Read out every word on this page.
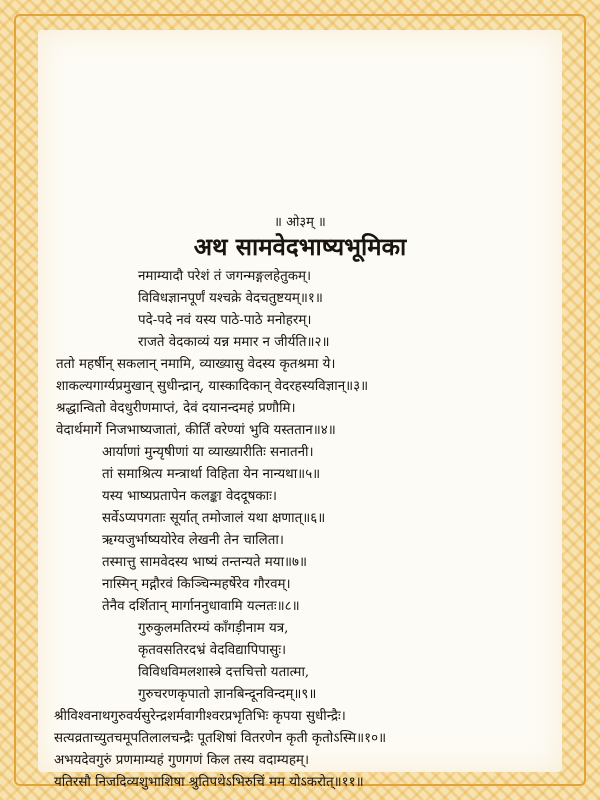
॥ ओ३म् ॥
अथ सामवेदभाष्यभूमिका
नमाम्यादौ परेशं तं जगन्मङ्गलहेतुकम्।
विविधज्ञानपूर्णं यश्चक्रे वेदचतुष्टयम्॥१॥
पदे-पदे नवं यस्य पाठे-पाठे मनोहरम्।
राजते वेदकाव्यं यन्न ममार न जीर्यति॥२॥
ततो महर्षीन् सकलान् नमामि, व्याख्यासु वेदस्य कृतश्रमा ये।
शाकल्यगार्ग्यप्रमुखान् सुधीन्द्रान्, यास्कादिकान् वेदरहस्यविज्ञान्॥३॥
श्रद्धान्वितो वेदधुरीणमाप्तं, देवं दयानन्दमहं प्रणौमि।
वेदार्थमार्गे निजभाष्यजातां, कीर्तिं वरेण्यां भुवि यस्ततान॥४॥
आर्याणां मुन्यृषीणां या व्याख्यारीतिः सनातनी।
तां समाश्रित्य मन्त्रार्था विहिता येन नान्यथा॥५॥
यस्य भाष्यप्रतापेन कलङ्का वेददूषकाः।
सर्वेऽप्यपगताः सूर्यात् तमोजालं यथा क्षणात्॥६॥
ऋग्यजुर्भाष्ययोरेव लेखनी तेन चालिता।
तस्मात्तु सामवेदस्य भाष्यं तन्तन्यते मया॥७॥
नास्मिन् मद्गौरवं किञ्चिन्महर्षेरेव गौरवम्।
तेनैव दर्शितान् मार्गाननुधावामि यत्नतः॥८॥
गुरुकुलमतिरम्यं काँगड़ीनाम यत्र,
कृतवसतिरदभ्रं वेदविद्यापिपासुः।
विविधविमलशास्त्रे दत्तचित्तो यतात्मा,
गुरुचरणकृपातो ज्ञानबिन्दूनविन्दम्॥९॥
श्रीविश्वनाथगुरुवर्यसुरेन्द्रशर्मवागीश्वरप्रभृतिभिः कृपया सुधीन्द्रैः।
सत्यव्रताच्युतचमूपतिलालचन्द्रैः पूतशिषां वितरणेन कृती कृतोऽस्मि॥१०॥
अभयदेवगुरुं प्रणमाम्यहं गुणगणं किल तस्य वदाम्यहम्।
यतिरसौ निजदिव्यशुभाशिषा श्रुतिपथेऽभिरुचिं मम योऽकरोत्॥११॥
